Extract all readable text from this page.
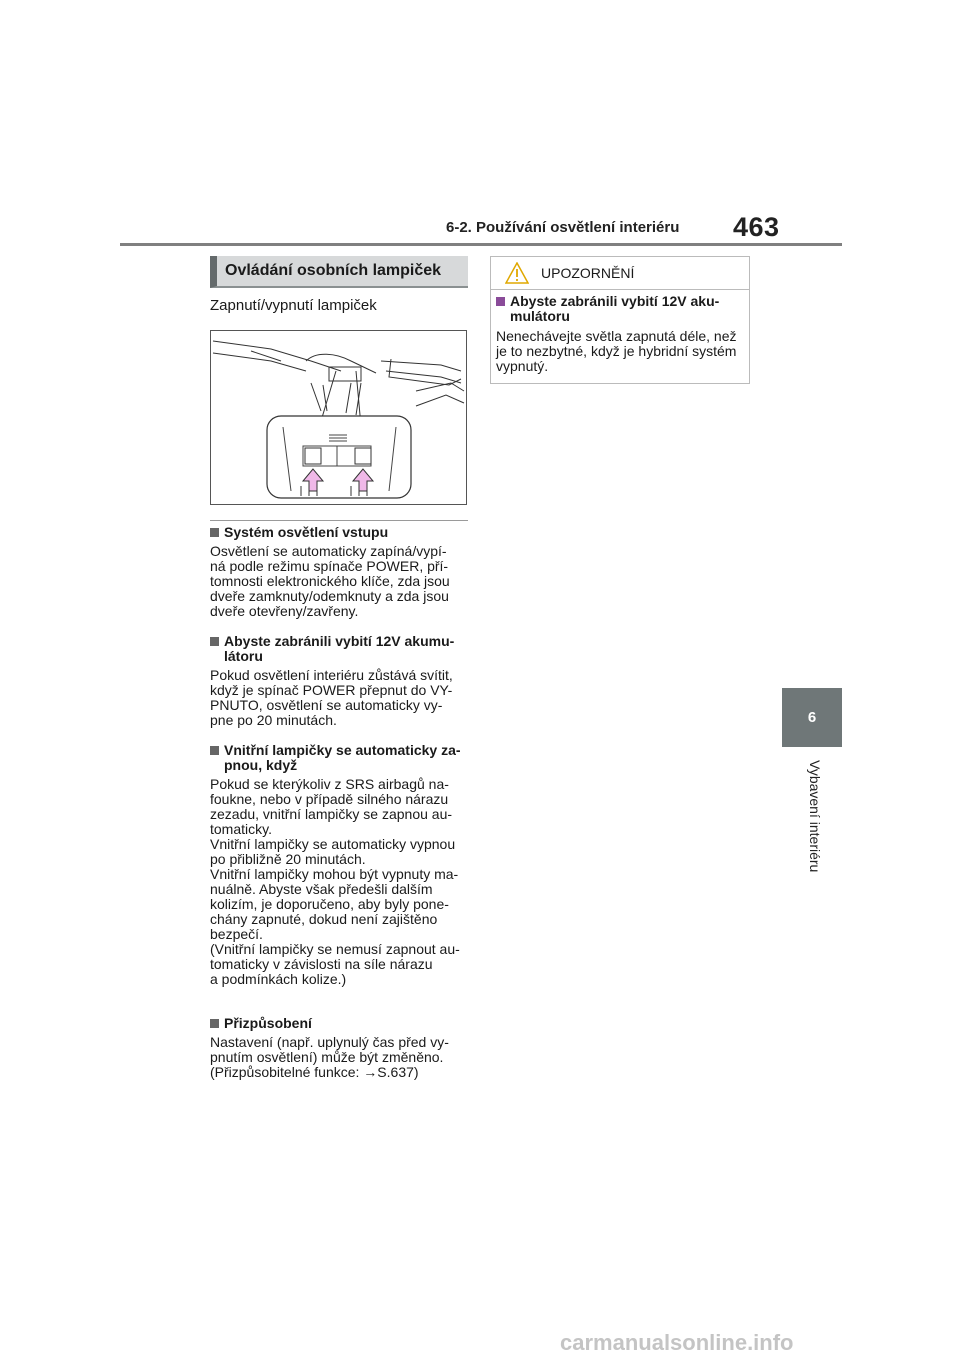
6-2. Používání osvětlení interiéru 463
6
Vybavení interiéru
Ovládání osobních lampiček
Zapnutí/vypnutí lampiček
Systém osvětlení vstupu
Osvětlení se automaticky zapíná/vypí-
ná podle režimu spínače POWER, pří-
tomnosti elektronického klíče, zda jsou
dveře zamknuty/odemknuty a zda jsou
dveře otevřeny/zavřeny.
Abyste zabránili vybití 12V akumu-
látoru
Pokud osvětlení interiéru zůstává svítit,
když je spínač POWER přepnut do VY-
PNUTO, osvětlení se automaticky vy-
pne po 20 minutách.
Vnitřní lampičky se automaticky za-
pnou, když
Pokud se kterýkoliv z SRS airbagů na-
foukne, nebo v případě silného nárazu
zezadu, vnitřní lampičky se zapnou au-
tomaticky.
Vnitřní lampičky se automaticky vypnou
po přibližně 20 minutách.
Vnitřní lampičky mohou být vypnuty ma-
nuálně. Abyste však předešli dalším
kolizím, je doporučeno, aby byly pone-
chány zapnuté, dokud není zajištěno
bezpečí.
(Vnitřní lampičky se nemusí zapnout au-
tomaticky v závislosti na síle nárazu
a podmínkách kolize.)
Přizpůsobení
Nastavení (např. uplynulý čas před vy-
pnutím osvětlení) může být změněno.
(Přizpůsobitelné funkce: →S.637)
UPOZORNĚNÍ
Abyste zabránili vybití 12V aku-
mulátoru
Nenechávejte světla zapnutá déle, než
je to nezbytné, když je hybridní systém
vypnutý.
carmanualsonline.info
